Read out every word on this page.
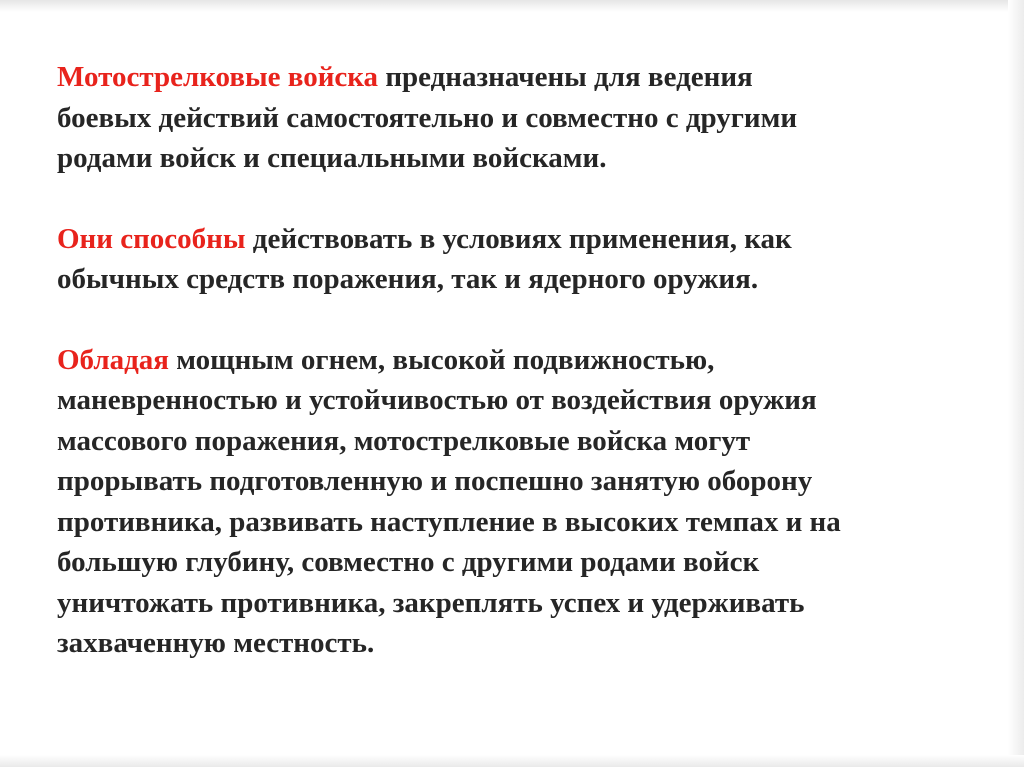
Мотострелковые войска предназначены для ведения
боевых действий самостоятельно и совместно с другими
родами войск и специальными войсками.

Они способны действовать в условиях применения, как
обычных средств поражения, так и ядерного оружия.

Обладая мощным огнем, высокой подвижностью,
маневренностью и устойчивостью от воздействия оружия
массового поражения, мотострелковые войска могут
прорывать подготовленную и поспешно занятую оборону
противника, развивать наступление в высоких темпах и на
большую глубину, совместно с другими родами войск
уничтожать противника, закреплять успех и удерживать
захваченную местность.
